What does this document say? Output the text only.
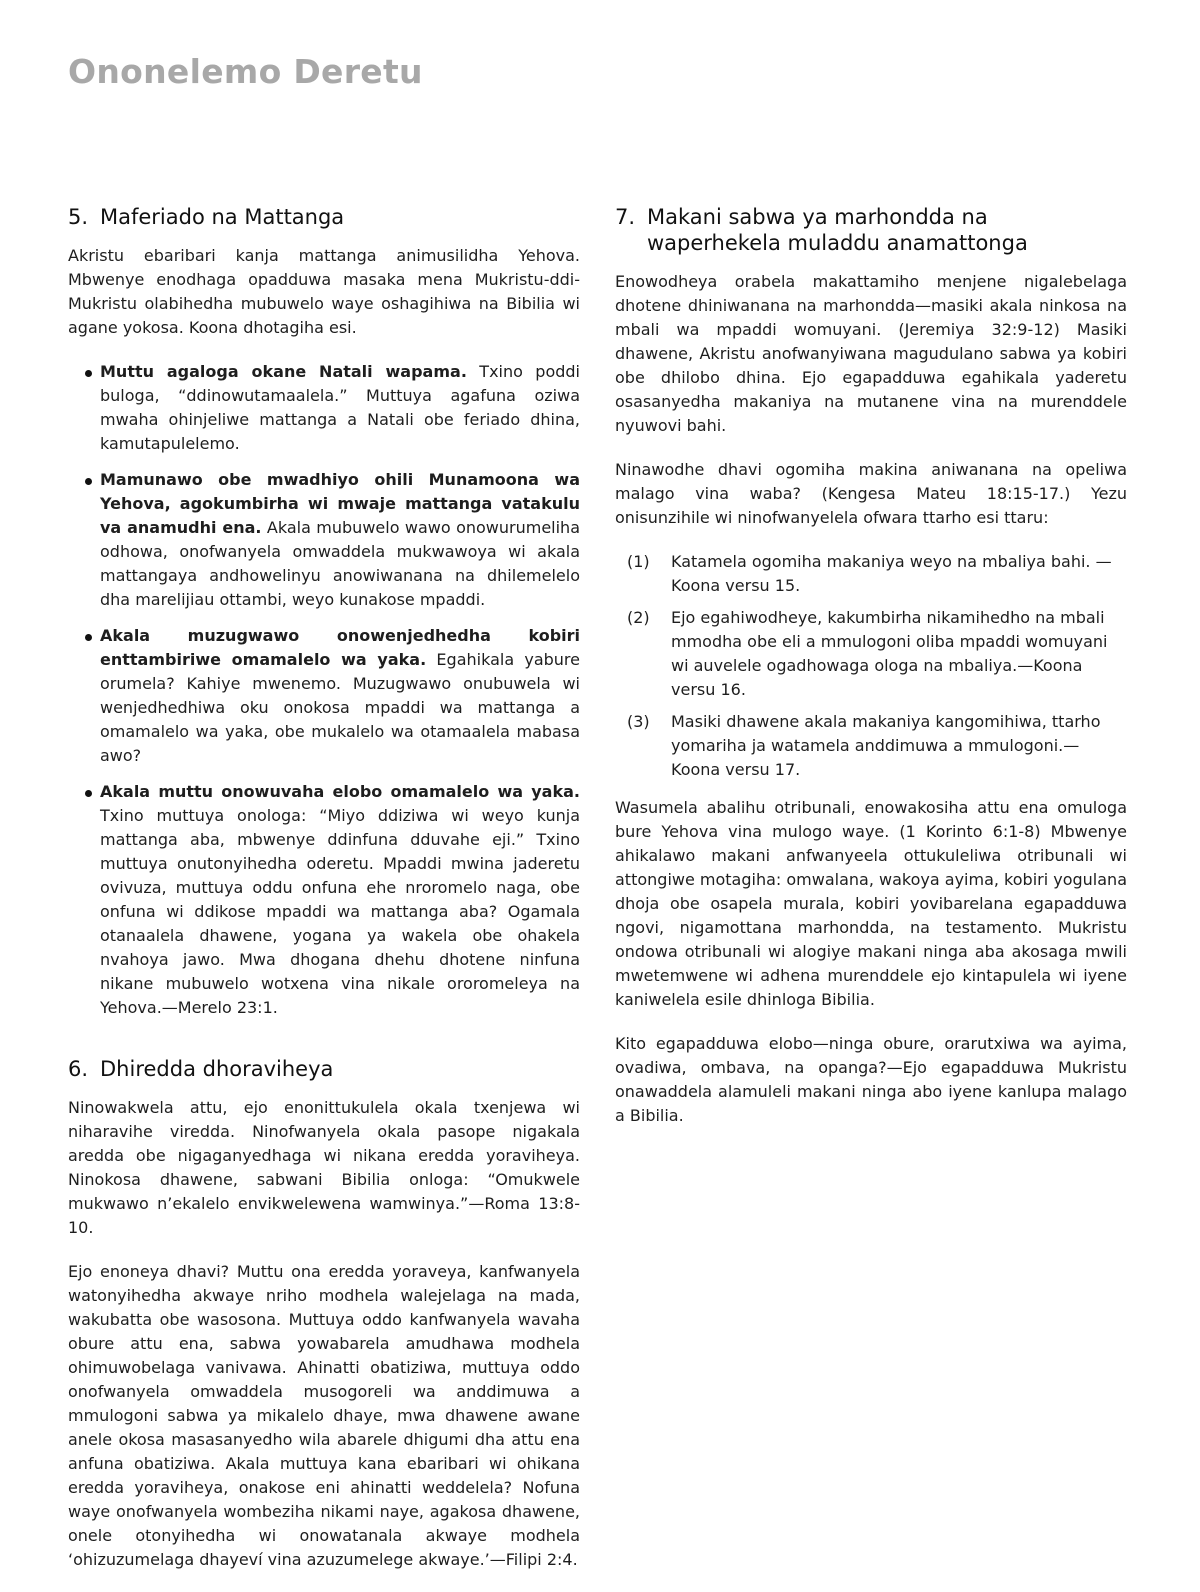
Ononelemo Deretu
5. Maferiado na Mattanga

Akristu ebaribari kanja mattanga animusilidha Yehova. Mbwenye enodhaga opadduwa masaka mena Mukristu-ddi-Mukristu olabihedha mubuwelo waye oshagihiwa na Bibilia wi agane yokosa. Koona dhotagiha esi.

Muttu agaloga okane Natali wapama. Txino poddi buloga, “ddinowutamaalela.” Muttuya agafuna oziwa mwaha ohinjeliwe mattanga a Natali obe feriado dhina, kamutapulelemo.
Mamunawo obe mwadhiyo ohili Munamoona wa Yehova, agokumbirha wi mwaje mattanga vatakulu va anamudhi ena. Akala mubuwelo wawo onowurumeliha odhowa, onofwanyela omwaddela mukwawoya wi akala mattangaya andhowelinyu anowiwanana na dhilemelelo dha marelijiau ottambi, weyo kunakose mpaddi.
Akala muzugwawo onowenjedhedha kobiri enttambiriwe omamalelo wa yaka. Egahikala yabure orumela? Kahiye mwenemo. Muzugwawo onubuwela wi wenjedhedhiwa oku onokosa mpaddi wa mattanga a omamalelo wa yaka, obe mukalelo wa otamaalela mabasa awo?
Akala muttu onowuvaha elobo omamalelo wa yaka. Txino muttuya onologa: “Miyo ddiziwa wi weyo kunja mattanga aba, mbwenye ddinfuna dduvahe eji.” Txino muttuya onutonyihedha oderetu. Mpaddi mwina jaderetu ovivuza, muttuya oddu onfuna ehe nroromelo naga, obe onfuna wi ddikose mpaddi wa mattanga aba? Ogamala otanaalela dhawene, yogana ya wakela obe ohakela nvahoya jawo. Mwa dhogana dhehu dhotene ninfuna nikane mubuwelo wotxena vina nikale ororomeleya na Yehova.—Merelo 23:1.
6. Dhiredda dhoraviheya

Ninowakwela attu, ejo enonittukulela okala txenjewa wi niharavihe viredda. Ninofwanyela okala pasope nigakala aredda obe nigaganyedhaga wi nikana eredda yoraviheya. Ninokosa dhawene, sabwani Bibilia onloga: “Omukwele mukwawo n’ekalelo envikwelewena wamwinya.”—Roma 13:8-10.

Ejo enoneya dhavi? Muttu ona eredda yoraveya, kanfwanyela watonyihedha akwaye nriho modhela walejelaga na mada, wakubatta obe wasosona. Muttuya oddo kanfwanyela wavaha obure attu ena, sabwa yowabarela amudhawa modhela ohimuwobelaga vanivawa. Ahinatti obatiziwa, muttuya oddo onofwanyela omwaddela musogoreli wa anddimuwa a mmulogoni sabwa ya mikalelo dhaye, mwa dhawene awane anele okosa masasanyedho wila abarele dhigumi dha attu ena anfuna obatiziwa. Akala muttuya kana ebaribari wi ohikana eredda yoraviheya, onakose eni ahinatti weddelela? Nofuna waye onofwanyela wombeziha nikami naye, agakosa dhawene, onele otonyihedha wi onowatanala akwaye modhela ‘ohizuzumelaga dhayeví vina azuzumelege akwaye.’—Filipi 2:4.

7. Makani sabwa ya marhondda na waperhekela muladdu anamattonga

Enowodheya orabela makattamiho menjene nigalebelaga dhotene dhiniwanana na marhondda—masiki akala ninkosa na mbali wa mpaddi womuyani. (Jeremiya 32:9-12) Masiki dhawene, Akristu anofwanyiwana magudulano sabwa ya kobiri obe dhilobo dhina. Ejo egapadduwa egahikala yaderetu osasanyedha makaniya na mutanene vina na murenddele nyuwovi bahi.

Ninawodhe dhavi ogomiha makina aniwanana na opeliwa malago vina waba? (Kengesa Mateu 18:15-17.) Yezu onisunzihile wi ninofwanyelela ofwara ttarho esi ttaru:

(1)	Katamela ogomiha makaniya weyo na mbaliya bahi. —Koona versu 15.
(2)	Ejo egahiwodheye, kakumbirha nikamihedho na mbali mmodha obe eli a mmulogoni oliba mpaddi womuyani wi auvelele ogadhowaga ologa na mbaliya.—Koona versu 16.
(3)	Masiki dhawene akala makaniya kangomihiwa, ttarho yomariha ja watamela anddimuwa a mmulogoni.—Koona versu 17.

Wasumela abalihu otribunali, enowakosiha attu ena omuloga bure Yehova vina mulogo waye. (1 Korinto 6:1-8) Mbwenye ahikalawo makani anfwanyeela ottukuleliwa otribunali wi attongiwe motagiha: omwalana, wakoya ayima, kobiri yogulana dhoja obe osapela murala, kobiri yovibarelana egapadduwa ngovi, nigamottana marhondda, na testamento. Mukristu ondowa otribunali wi alogiye makani ninga aba akosaga mwili mwetemwene wi adhena murenddele ejo kintapulela wi iyene kaniwelela esile dhinloga Bibilia.

Kito egapadduwa elobo—ninga obure, orarutxiwa wa ayima, ovadiwa, ombava, na opanga?—Ejo egapadduwa Mukristu onawaddela alamuleli makani ninga abo iyene kanlupa malago a Bibilia.
